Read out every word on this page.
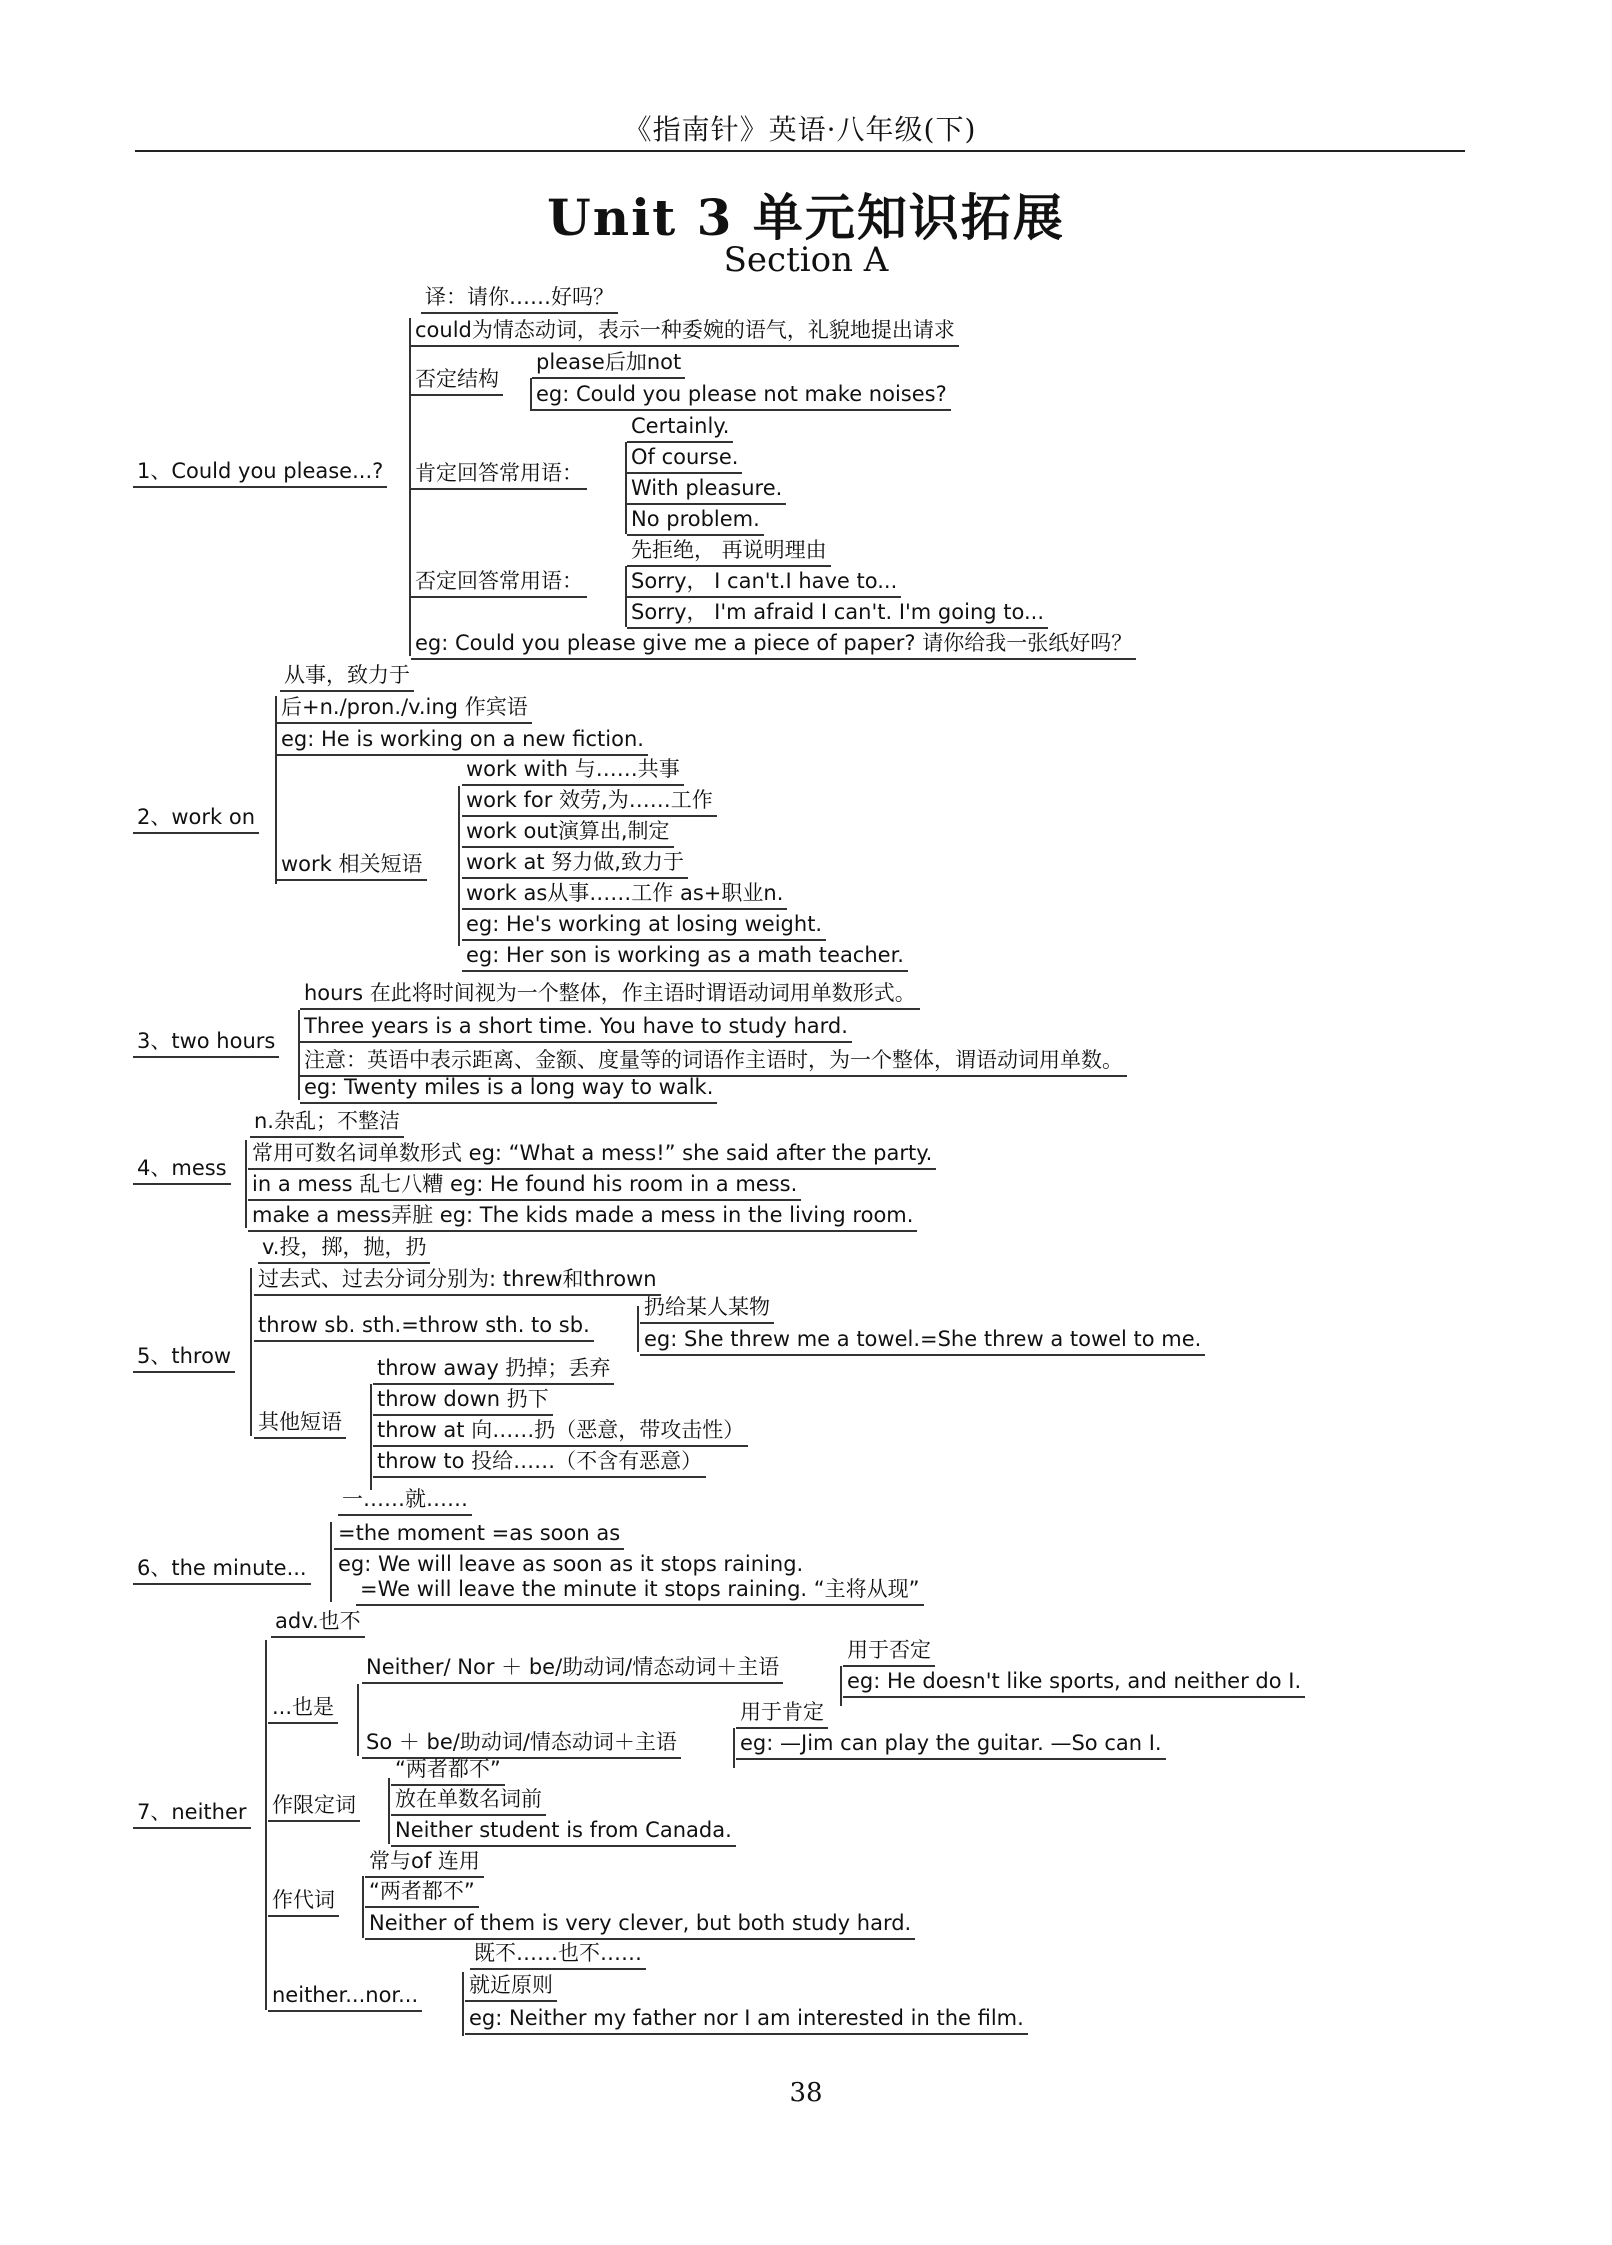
《指南针》英语·八年级(下)
Unit 3 单元知识拓展
Section A
1、Could you please...?
译：请你……好吗？
could为情态动词，表示一种委婉的语气，礼貌地提出请求
否定结构
please后加not
eg: Could you please not make noises?
肯定回答常用语：
Certainly.
Of course.
With pleasure.
No problem.
否定回答常用语：
先拒绝， 再说明理由
Sorry， I can't.I have to...
Sorry， I'm afraid I can't. I'm going to...
eg: Could you please give me a piece of paper? 请你给我一张纸好吗？
2、work on
从事，致力于
后+n./pron./v.ing 作宾语
eg: He is working on a new fiction.
work 相关短语
work with 与……共事
work for 效劳,为……工作
work out演算出,制定
work at 努力做,致力于
work as从事……工作 as+职业n.
eg: He's working at losing weight.
eg: Her son is working as a math teacher.
3、two hours
hours 在此将时间视为一个整体，作主语时谓语动词用单数形式。
Three years is a short time. You have to study hard.
注意：英语中表示距离、金额、度量等的词语作主语时，为一个整体，谓语动词用单数。
eg: Twenty miles is a long way to walk.
4、mess
n.杂乱；不整洁
常用可数名词单数形式 eg: “What a mess!” she said after the party.
in a mess 乱七八糟 eg: He found his room in a mess.
make a mess弄脏 eg: The kids made a mess in the living room.
5、throw
v.投，掷，抛，扔
过去式、过去分词分别为: threw和thrown
throw sb. sth.=throw sth. to sb.
扔给某人某物
eg: She threw me a towel.=She threw a towel to me.
其他短语
throw away 扔掉；丢弃
throw down 扔下
throw at 向……扔（恶意，带攻击性）
throw to 投给……（不含有恶意）
6、the minute...
一……就……
=the moment =as soon as
eg: We will leave as soon as it stops raining.
=We will leave the minute it stops raining. “主将从现”
7、neither
adv.也不
...也是
Neither/ Nor ＋ be/助动词/情态动词＋主语
用于否定
eg: He doesn't like sports, and neither do I.
So ＋ be/助动词/情态动词＋主语
用于肯定
eg: —Jim can play the guitar. —So can I.
作限定词
“两者都不”
放在单数名词前
Neither student is from Canada.
作代词
常与of 连用
“两者都不”
Neither of them is very clever, but both study hard.
neither...nor...
既不……也不……
就近原则
eg: Neither my father nor I am interested in the film.
38
